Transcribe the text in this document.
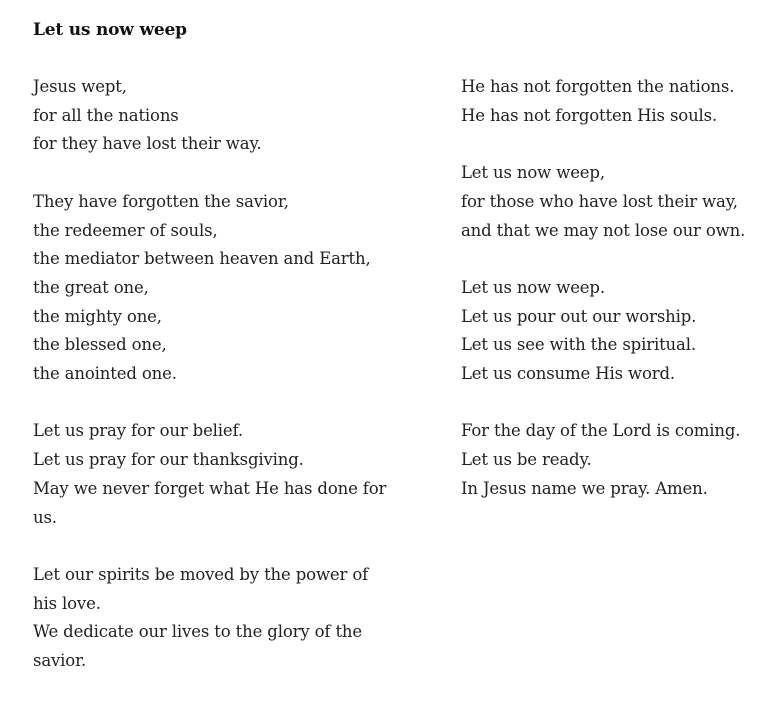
Let us now weep
Jesus wept,
for all the nations
for they have lost their way.
They have forgotten the savior,
the redeemer of souls,
the mediator between heaven and Earth,
the great one,
the mighty one,
the blessed one,
the anointed one.
Let us pray for our belief.
Let us pray for our thanksgiving.
May we never forget what He has done for
us.
Let our spirits be moved by the power of
his love.
We dedicate our lives to the glory of the
savior.
He has not forgotten the nations.
He has not forgotten His souls.
Let us now weep,
for those who have lost their way,
and that we may not lose our own.
Let us now weep.
Let us pour out our worship.
Let us see with the spiritual.
Let us consume His word.
For the day of the Lord is coming.
Let us be ready.
In Jesus name we pray. Amen.
